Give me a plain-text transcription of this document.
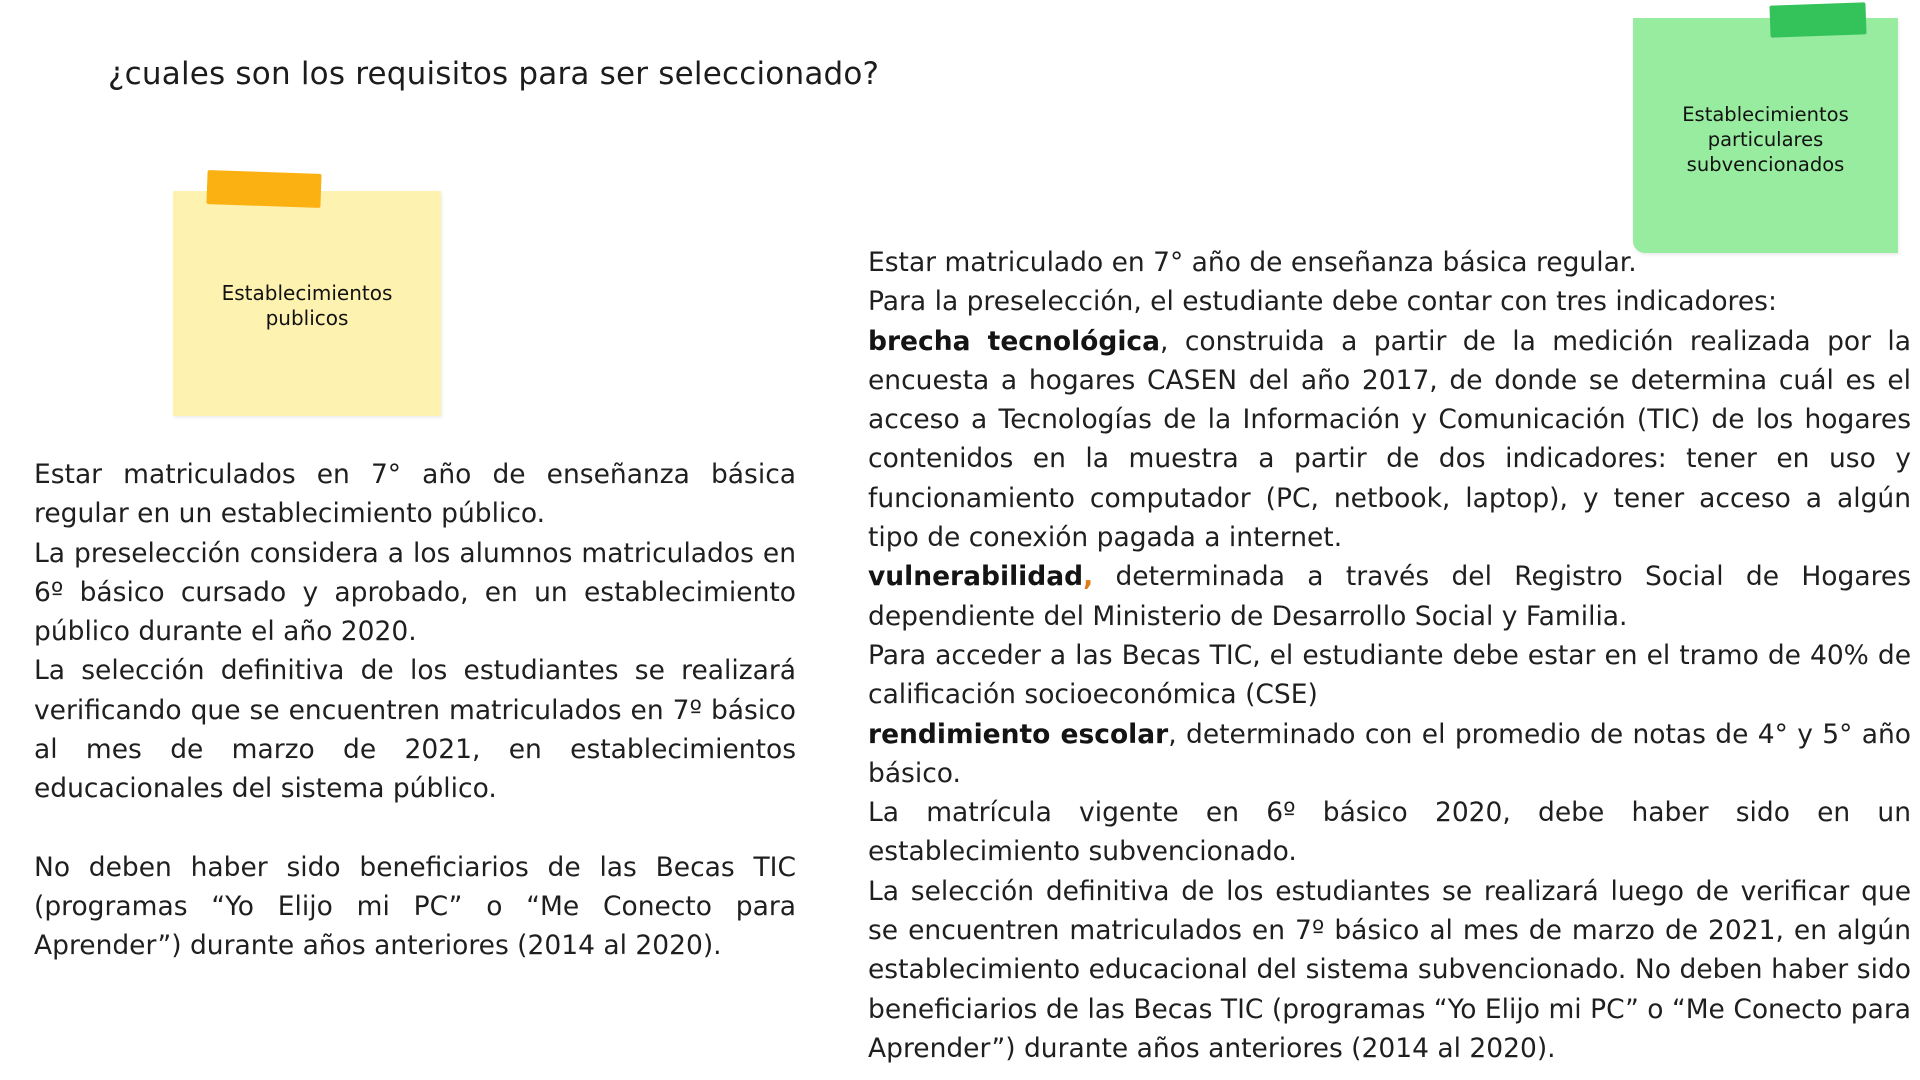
¿cuales son los requisitos para ser seleccionado?
Establecimientos
publicos
Establecimientos
particulares
subvencionados

Estar matriculados en 7° año de enseñanza básica regular en un establecimiento público.

La preselección considera a los alumnos matriculados en 6º básico cursado y aprobado, en un establecimiento público durante el año 2020.

La selección definitiva de los estudiantes se realizará verificando que se encuentren matriculados en 7º básico al mes de marzo de 2021, en establecimientos educacionales del sistema público.

No deben haber sido beneficiarios de las Becas TIC (programas “Yo Elijo mi PC” o “Me Conecto para Aprender”) durante años anteriores (2014 al 2020).

Estar matriculado en 7° año de enseñanza básica regular.

Para la preselección, el estudiante debe contar con tres indicadores:

brecha tecnológica, construida a partir de la medición realizada por la encuesta a hogares CASEN del año 2017, de donde se determina cuál es el acceso a Tecnologías de la Información y Comunicación (TIC) de los hogares contenidos en la muestra a partir de dos indicadores: tener en uso y funcionamiento computador (PC, netbook, laptop), y tener acceso a algún tipo de conexión pagada a internet.

vulnerabilidad, determinada a través del Registro Social de Hogares dependiente del Ministerio de Desarrollo Social y Familia.

Para acceder a las Becas TIC, el estudiante debe estar en el tramo de 40% de calificación socioeconómica (CSE)

rendimiento escolar, determinado con el promedio de notas de 4° y 5° año básico.

La matrícula vigente en 6º básico 2020, debe haber sido en un establecimiento subvencionado.

La selección definitiva de los estudiantes se realizará luego de verificar que se encuentren matriculados en 7º básico al mes de marzo de 2021, en algún establecimiento educacional del sistema subvencionado. No deben haber sido beneficiarios de las Becas TIC (programas “Yo Elijo mi PC” o “Me Conecto para Aprender”) durante años anteriores (2014 al 2020).
